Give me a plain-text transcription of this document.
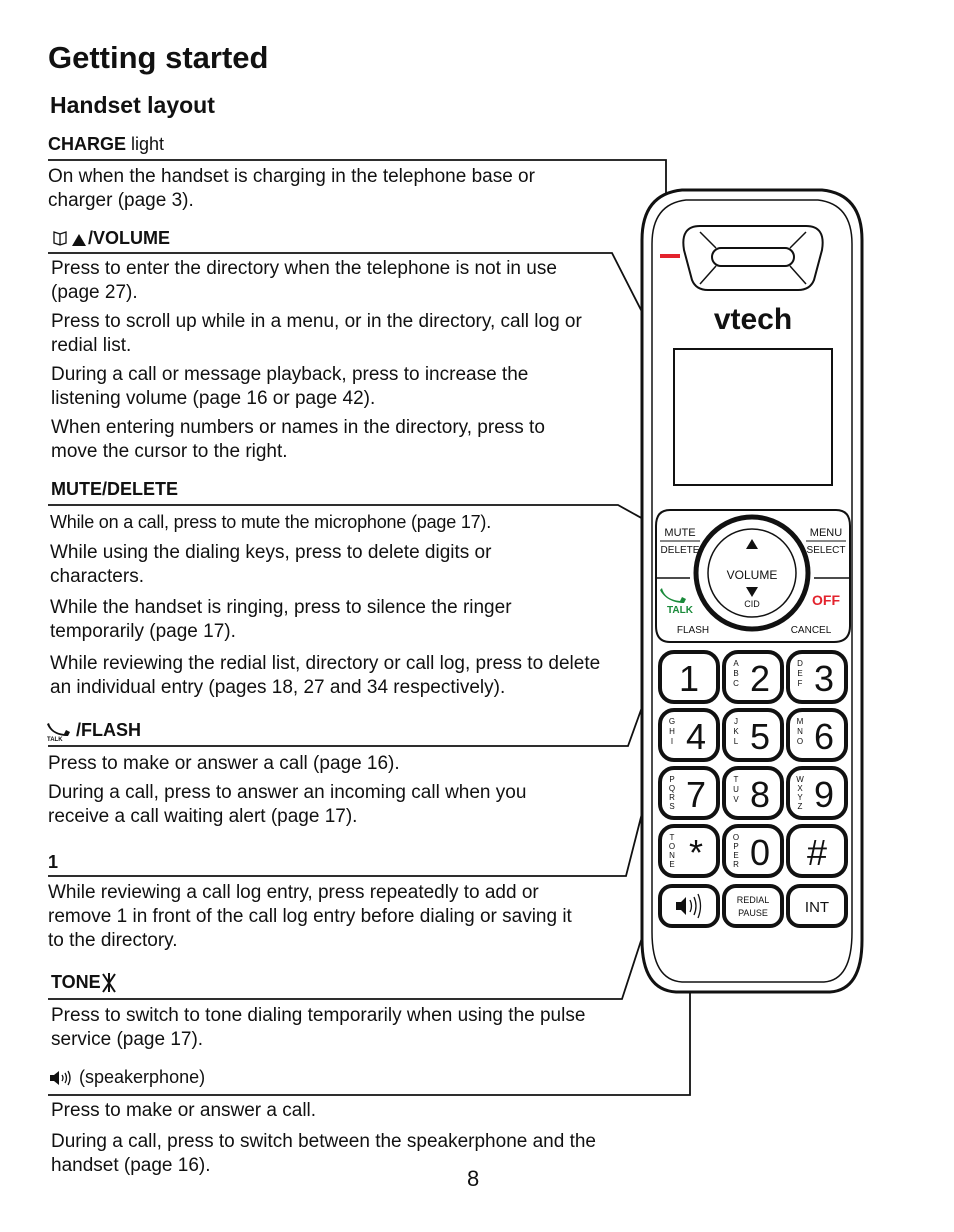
Getting started
Handset layout
CHARGE light
On when the handset is charging in the telephone base or charger (page 3).
/VOLUME
Press to enter the directory when the telephone is not in use (page 27).
Press to scroll up while in a menu, or in the directory, call log or redial list.
During a call or message playback, press to increase the listening volume (page 16 or page 42).
When entering numbers or names in the directory, press to move the cursor to the right.
MUTE/DELETE
While on a call, press to mute the microphone (page 17).
While using the dialing keys, press to delete digits or characters.
While the handset is ringing, press to silence the ringer temporarily (page 17).
While reviewing the redial list, directory or call log, press to delete an individual entry (pages 18, 27 and 34 respectively).
TALK
/FLASH
Press to make or answer a call (page 16).
During a call, press to answer an incoming call when you receive a call waiting alert (page 17).
1
While reviewing a call log entry, press repeatedly to add or remove 1 in front of the call log entry before dialing or saving it to the directory.
TONE
Press to switch to tone dialing temporarily when using the pulse service (page 17).
(speakerphone)
Press to make or answer a call.
During a call, press to switch between the speakerphone and the handset (page 16).
8
vtech
MUTE
DELETE
MENU
SELECT
VOLUME
CID
TALK
OFF
FLASH	CANCEL
1 2
A
B
C 3
D
E
F
4
G
H
I 5
J
K
L 6
M
N
O
7
P
Q
R
S 8
T
U
V 9
W
X
Y
Z
*
T
O
N
E 0
O
P
E
R #
REDIAL
PAUSE INT
